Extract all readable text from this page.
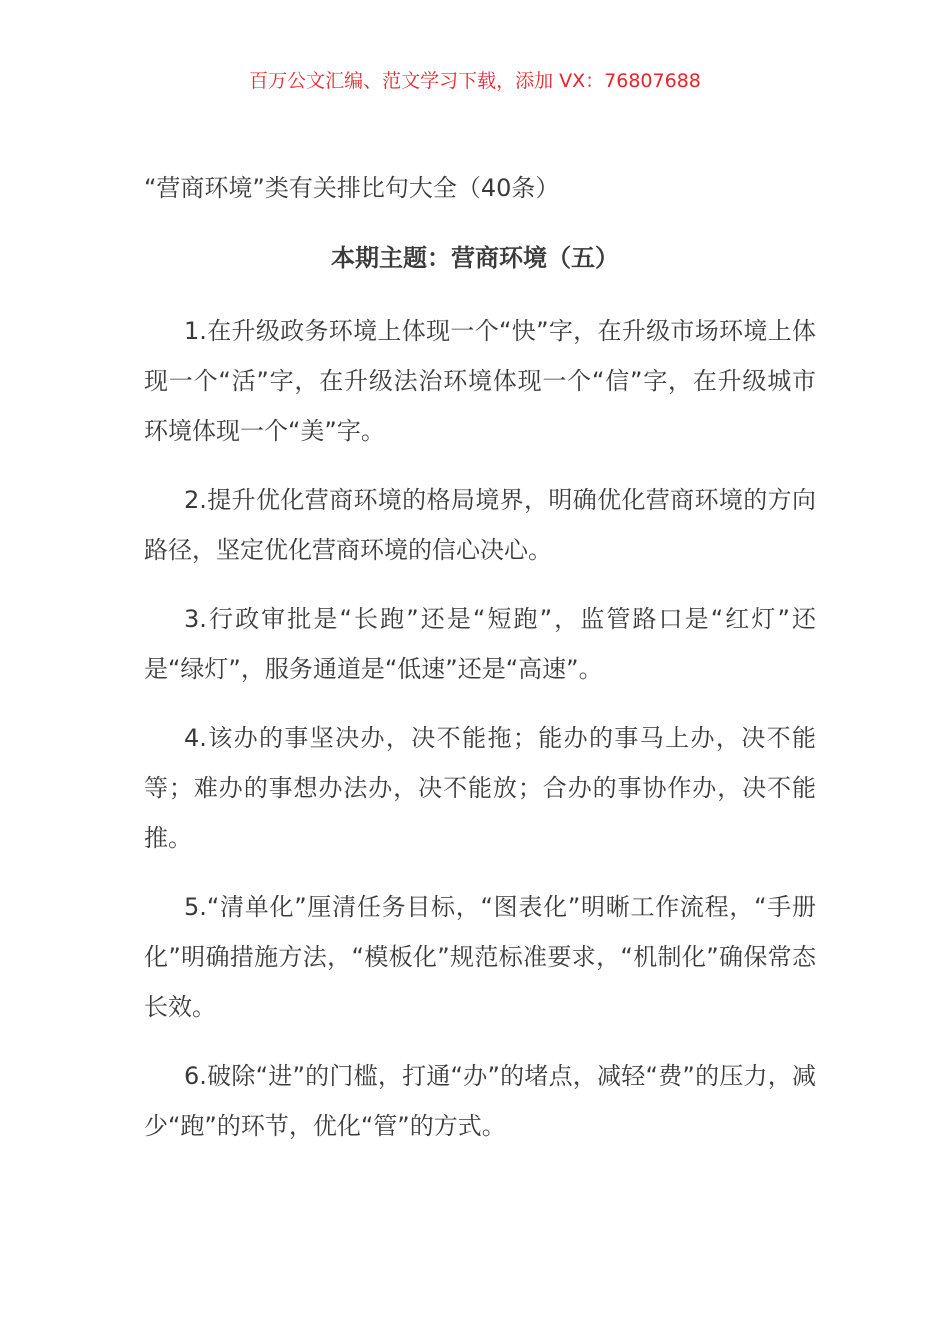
百万公文汇编、范文学习下载，添加 VX：76807688
“营商环境”类有关排比句大全（40条）
本期主题：营商环境（五）

1.在升级政务环境上体现一个“快”字，在升级市场环境上体现一个“活”字，在升级法治环境体现一个“信”字，在升级城市环境体现一个“美”字。

2.提升优化营商环境的格局境界，明确优化营商环境的方向路径，坚定优化营商环境的信心决心。

3.行政审批是“长跑”还是“短跑”，监管路口是“红灯”还是“绿灯”，服务通道是“低速”还是“高速”。

4.该办的事坚决办，决不能拖；能办的事马上办，决不能等；难办的事想办法办，决不能放；合办的事协作办，决不能推。

5.“清单化”厘清任务目标，“图表化”明晰工作流程，“手册化”明确措施方法，“模板化”规范标准要求，“机制化”确保常态长效。

6.破除“进”的门槛，打通“办”的堵点，减轻“费”的压力，减少“跑”的环节，优化“管”的方式。
